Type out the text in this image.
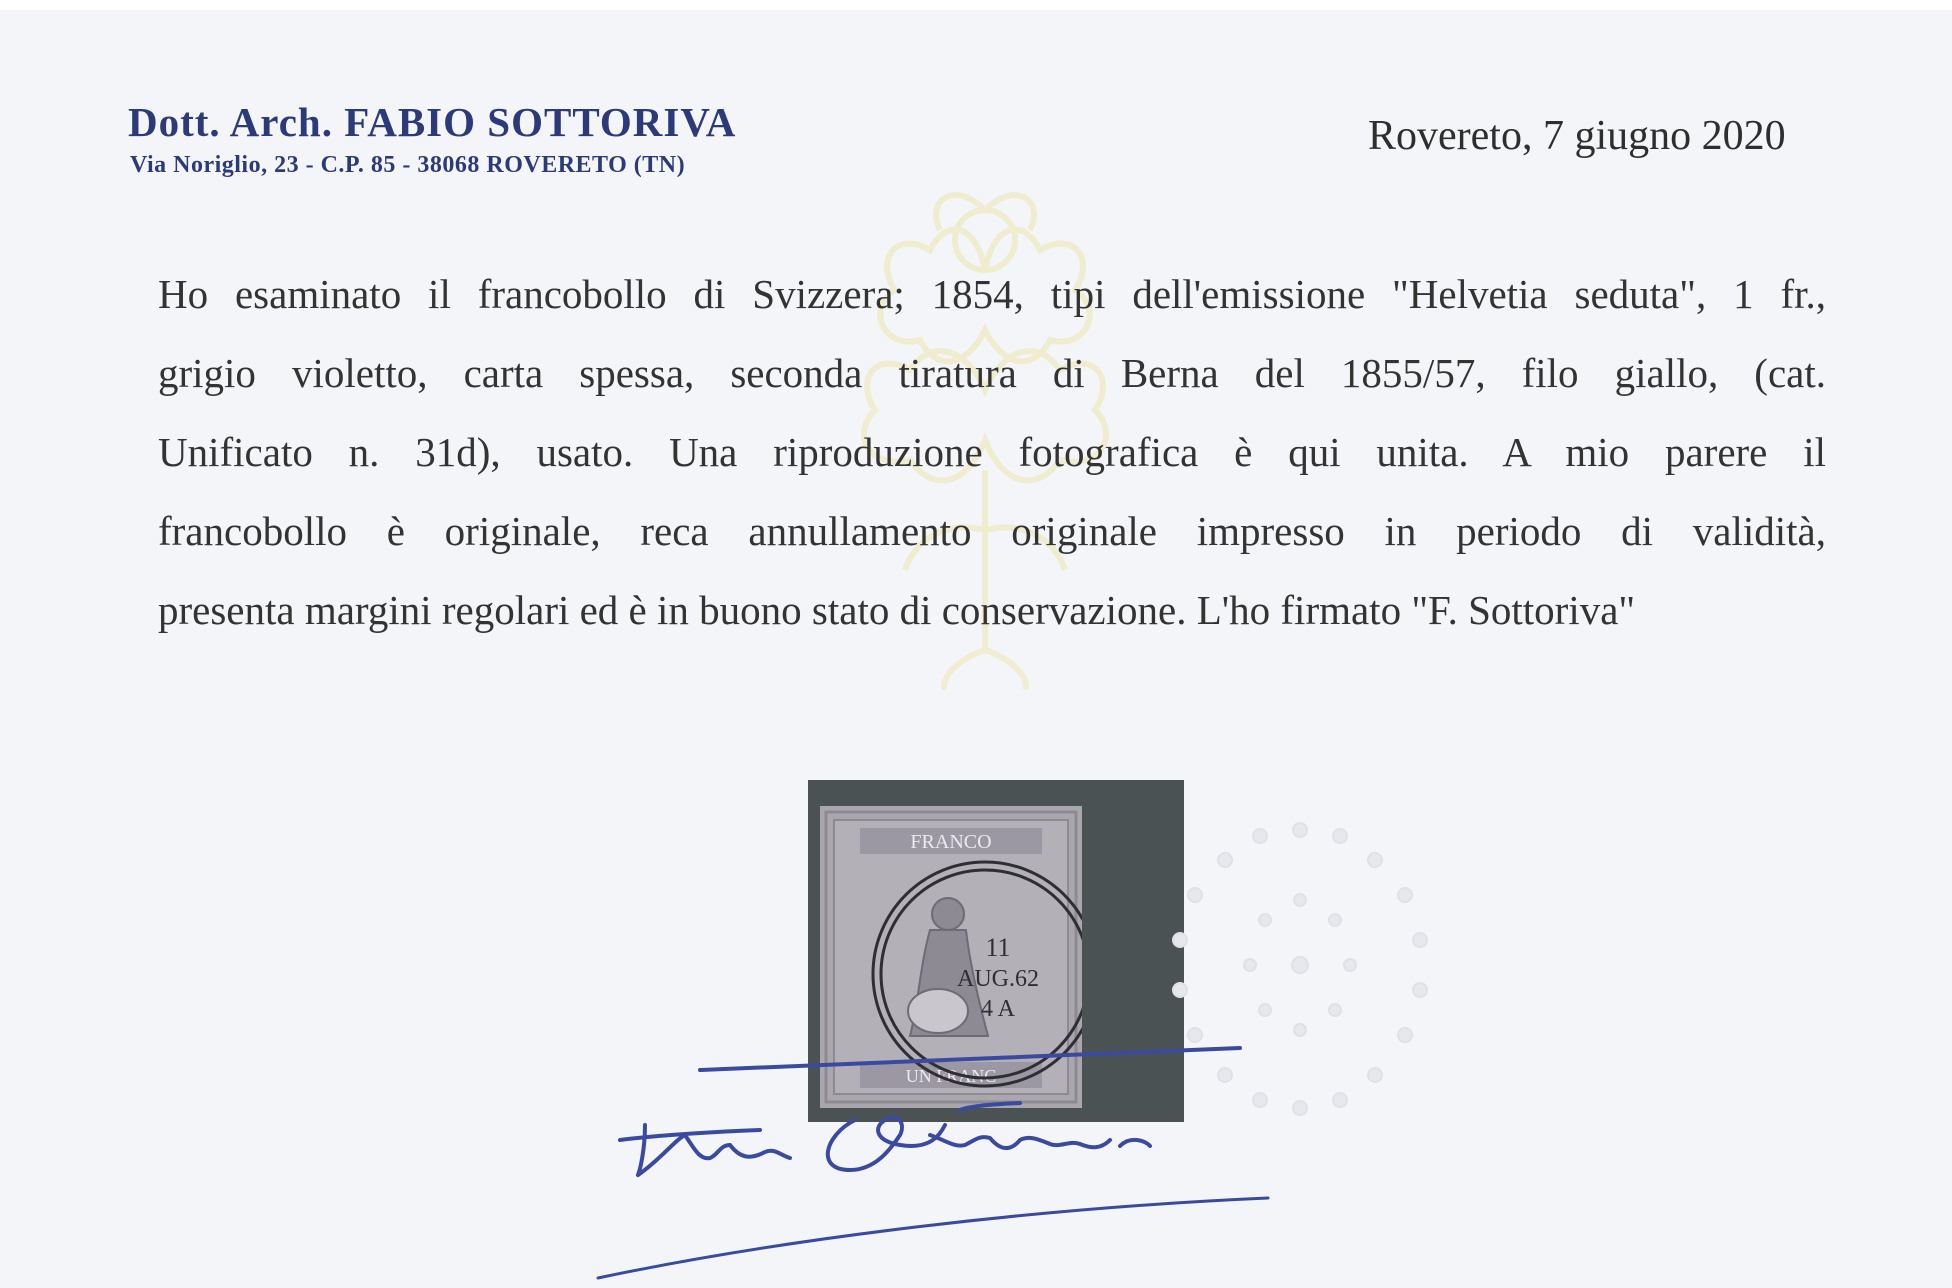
Dott. Arch. FABIO SOTTORIVA
Via Noriglio, 23 - C.P. 85 - 38068 ROVERETO (TN)
Rovereto, 7 giugno 2020
Ho esaminato il francobollo di Svizzera; 1854, tipi dell'emissione "Helvetia seduta", 1 fr.,
grigio violetto, carta spessa, seconda tiratura di Berna del 1855/57, filo giallo, (cat.
Unificato n. 31d), usato. Una riproduzione fotografica è qui unita. A mio parere il
francobollo è originale, reca annullamento originale impresso in periodo di validità,
presenta margini regolari ed è in buono stato di conservazione. L'ho firmato "F. Sottoriva"
FRANCO
UN FRANC
11
AUG.62
4 A
